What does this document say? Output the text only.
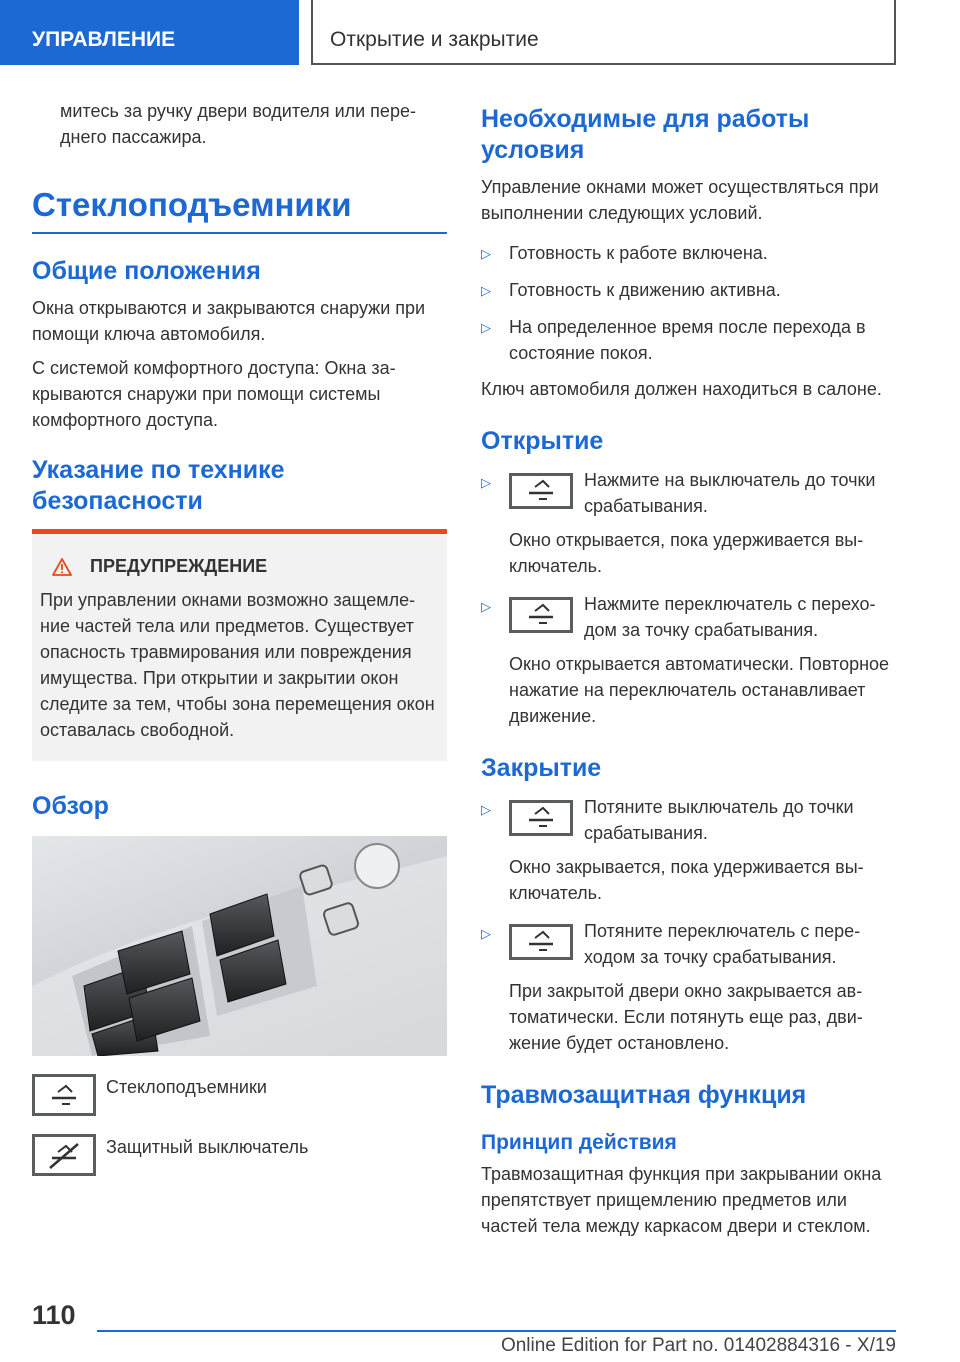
УПРАВЛЕНИЕ	Открытие и закрытие
митесь за ручку двери водителя или переднего пассажира.
Стеклоподъемники
Общие положения
Окна открываются и закрываются снаружи при помощи ключа автомобиля.
С системой комфортного доступа: Окна закрываются снаружи при помощи системы комфортного доступа.
Указание по технике безопасности
ПРЕДУПРЕЖДЕНИЕ
При управлении окнами возможно защемление частей тела или предметов. Существует опасность травмирования или повреждения имущества. При открытии и закрытии окон следите за тем, чтобы зона перемещения окон оставалась свободной.
Обзор
Стеклоподъемники
Защитный выключатель
Необходимые для работы условия
Управление окнами может осуществляться при выполнении следующих условий.
▷	Готовность к работе включена.
▷	Готовность к движению активна.
▷	На определенное время после перехода в состояние покоя.
Ключ автомобиля должен находиться в салоне.
Открытие
▷	Нажмите на выключатель до точки срабатывания.
Окно открывается, пока удерживается выключатель.
▷	Нажмите переключатель с переходом за точку срабатывания.
Окно открывается автоматически. Повторное нажатие на переключатель останавливает движение.
Закрытие
▷	Потяните выключатель до точки срабатывания.
Окно закрывается, пока удерживается выключатель.
▷	Потяните переключатель с переходом за точку срабатывания.
При закрытой двери окно закрывается автоматически. Если потянуть еще раз, движение будет остановлено.
Травмозащитная функция
Принцип действия
Травмозащитная функция при закрывании окна препятствует прищемлению предметов или частей тела между каркасом двери и стеклом.
110
Online Edition for Part no. 01402884316 - X/19
